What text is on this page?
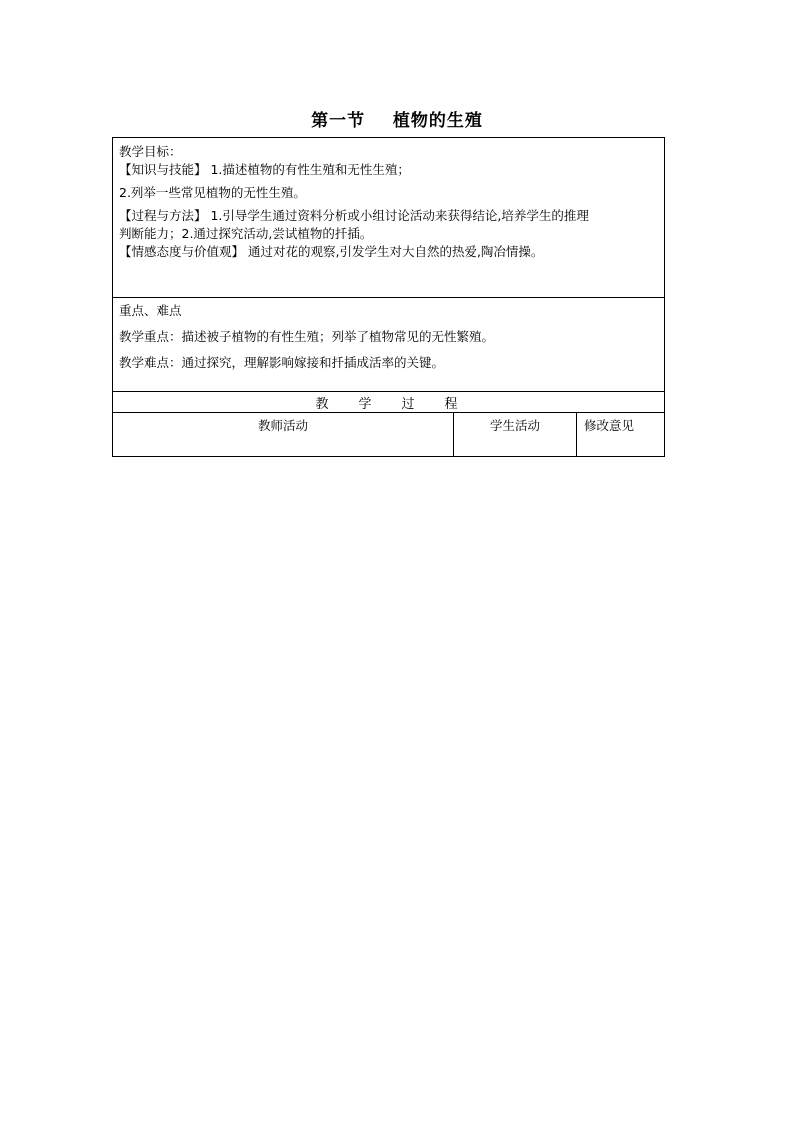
第一节    植物的生殖
教学目标：
【知识与技能】 1.描述植物的有性生殖和无性生殖；
2.列举一些常见植物的无性生殖。
【过程与方法】 1.引导学生通过资料分析或小组讨论活动来获得结论,培养学生的推理
判断能力；2.通过探究活动,尝试植物的扦插。
【情感态度与价值观】 通过对花的观察,引发学生对大自然的热爱,陶冶情操。
重点、难点
教学重点：描述被子植物的有性生殖；列举了植物常见的无性繁殖。
教学难点：通过探究，理解影响嫁接和扦插成活率的关键。
教学过程
教师活动	学生活动	修改意见
